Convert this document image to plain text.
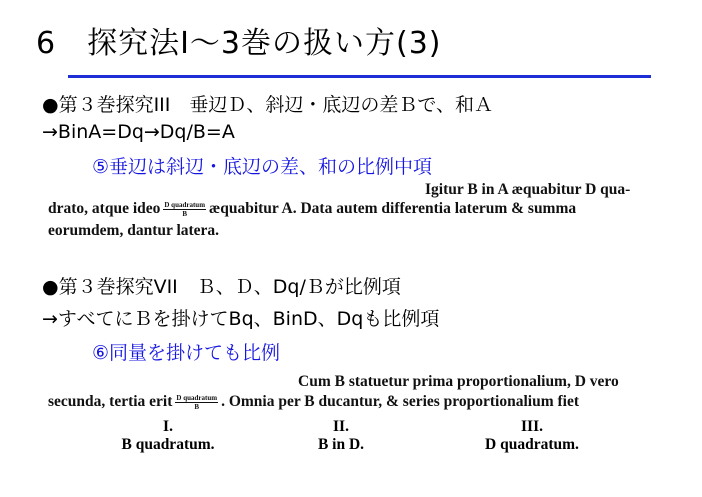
6　探究法Ⅰ〜3巻の扱い方(3)
●第３巻探究ⅠⅠⅠ　垂辺Ｄ、斜辺・底辺の差Ｂで、和Ａ
→BinA=Dq→Dq/B=A
⑤垂辺は斜辺・底辺の差、和の比例中項
Igitur B in A æquabitur D qua-
drato, atque ideo $\frac{\text{D quadratum}}{B}$ æquabitur A. Data autem differentia laterum & summa
eorumdem, dantur latera.
●第３巻探究ⅤⅠⅠ　Ｂ、Ｄ、Dq/Ｂが比例項
→すべてにＢを掛けてBq、BinD、Dqも比例項
⑥同量を掛けても比例
Cum B statuetur prima proportionalium, D vero
secunda, tertia erit $\frac{\text{D quadratum}}{B}$ . Omnia per B ducantur, & series proportionalium fiet
I.
B quadratum.
II.
B in D.
III.
D quadratum.
